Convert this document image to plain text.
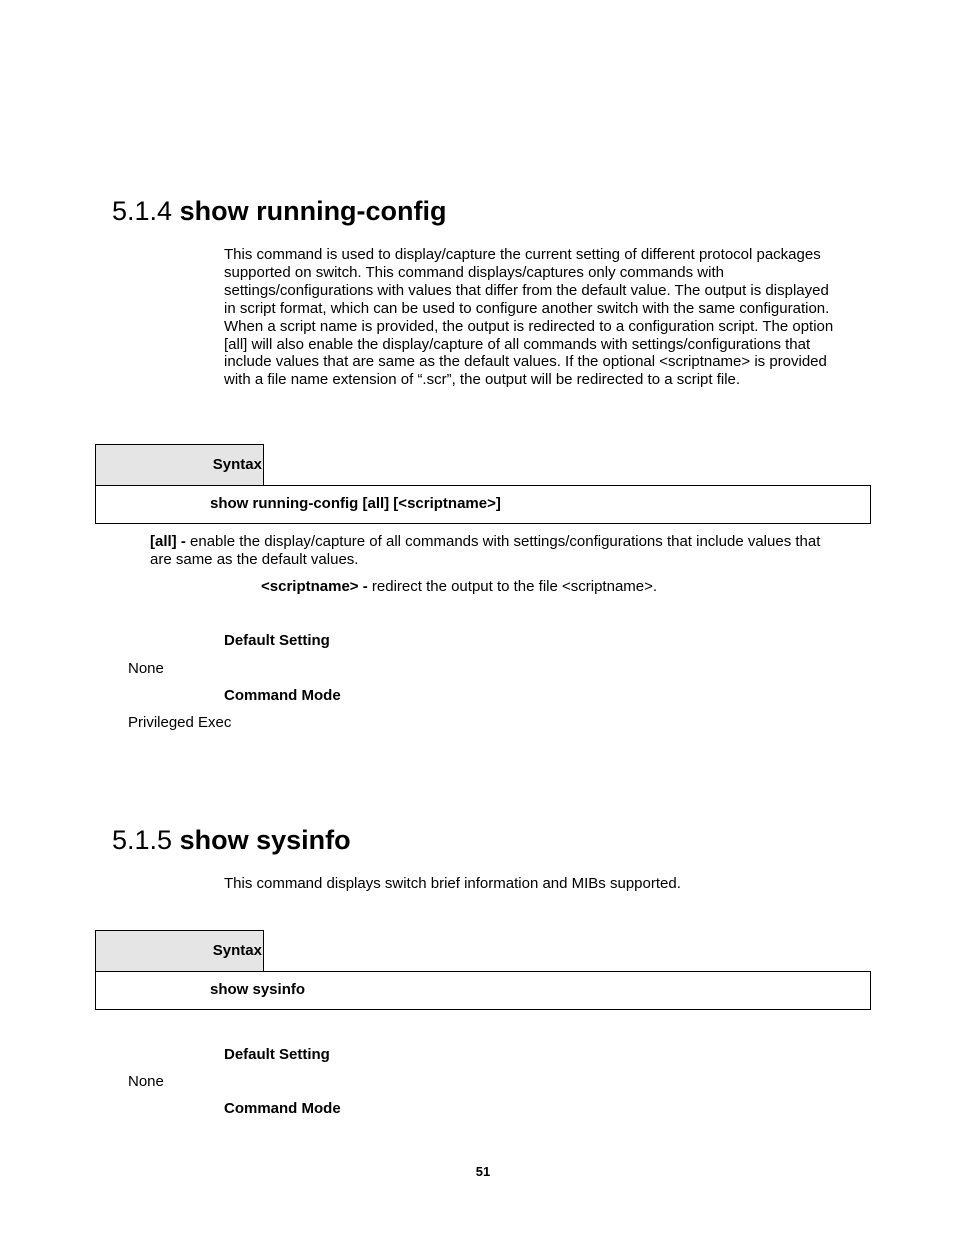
5.1.4 show running-config
This command is used to display/capture the current setting of different protocol packages
supported on switch. This command displays/captures only commands with
settings/configurations with values that differ from the default value. The output is displayed
in script format, which can be used to configure another switch with the same configuration.
When a script name is provided, the output is redirected to a configuration script. The option
[all] will also enable the display/capture of all commands with settings/configurations that
include values that are same as the default values. If the optional <scriptname> is provided
with a file name extension of “.scr”, the output will be redirected to a script file.
Syntax
show running-config [all] [<scriptname>]
[all] - enable the display/capture of all commands with settings/configurations that include values that
are same as the default values.
<scriptname> - redirect the output to the file <scriptname>.
Default Setting
None
Command Mode
Privileged Exec
5.1.5 show sysinfo
This command displays switch brief information and MIBs supported.
Syntax
show sysinfo
Default Setting
None
Command Mode
51
